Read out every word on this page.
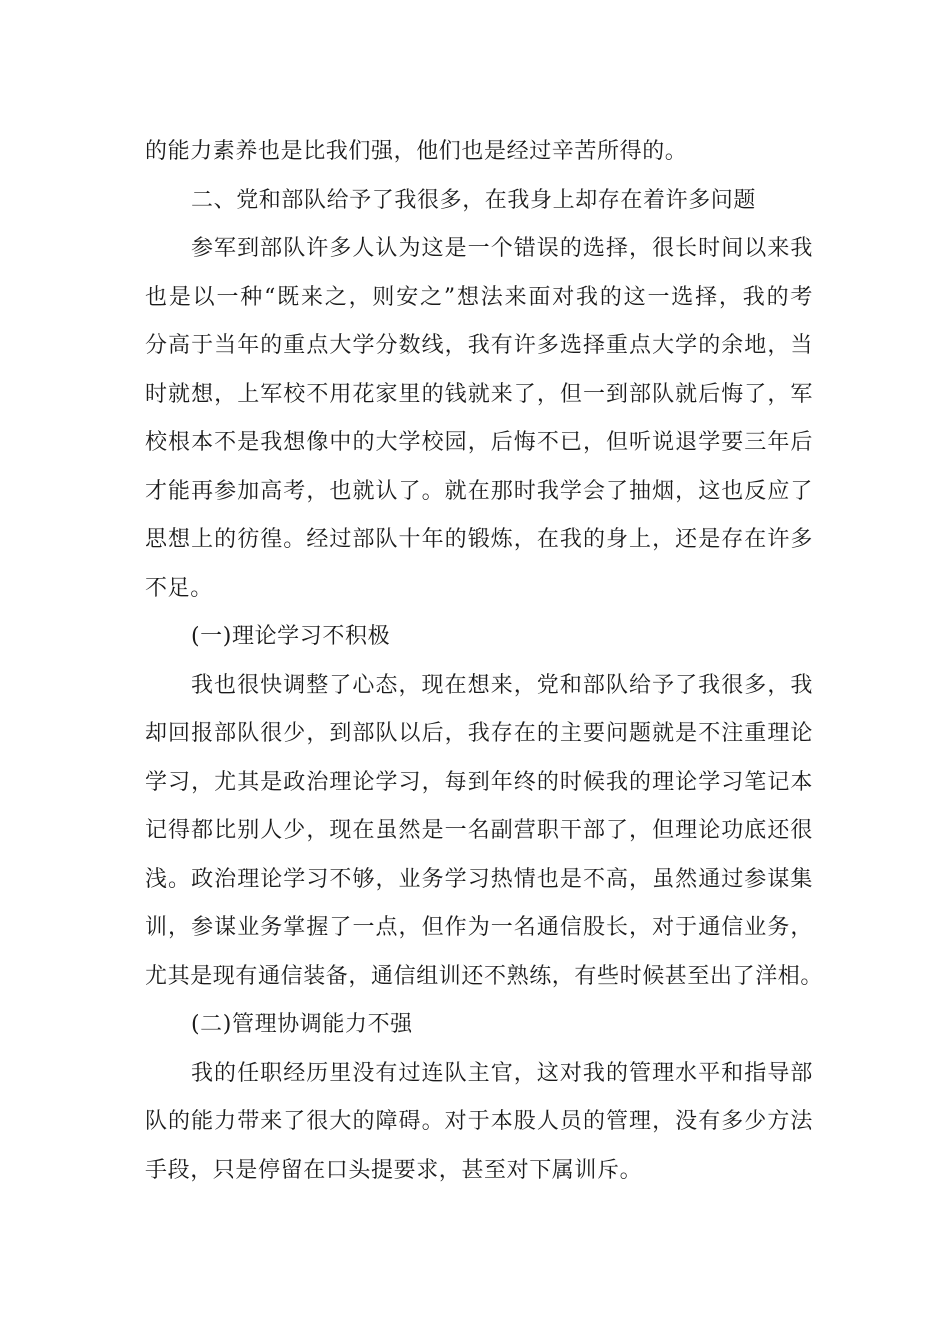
的能力素养也是比我们强，他们也是经过辛苦所得的。
二、党和部队给予了我很多，在我身上却存在着许多问题
参军到部队许多人认为这是一个错误的选择，很长时间以来我
也是以一种“既来之，则安之”想法来面对我的这一选择，我的考
分高于当年的重点大学分数线，我有许多选择重点大学的余地，当
时就想，上军校不用花家里的钱就来了，但一到部队就后悔了，军
校根本不是我想像中的大学校园，后悔不已，但听说退学要三年后
才能再参加高考，也就认了。就在那时我学会了抽烟，这也反应了
思想上的彷徨。经过部队十年的锻炼，在我的身上，还是存在许多
不足。
(一)理论学习不积极
我也很快调整了心态，现在想来，党和部队给予了我很多，我
却回报部队很少，到部队以后，我存在的主要问题就是不注重理论
学习，尤其是政治理论学习，每到年终的时候我的理论学习笔记本
记得都比别人少，现在虽然是一名副营职干部了，但理论功底还很
浅。政治理论学习不够，业务学习热情也是不高，虽然通过参谋集
训，参谋业务掌握了一点，但作为一名通信股长，对于通信业务，
尤其是现有通信装备，通信组训还不熟练，有些时候甚至出了洋相。
(二)管理协调能力不强
我的任职经历里没有过连队主官，这对我的管理水平和指导部
队的能力带来了很大的障碍。对于本股人员的管理，没有多少方法
手段，只是停留在口头提要求，甚至对下属训斥。
